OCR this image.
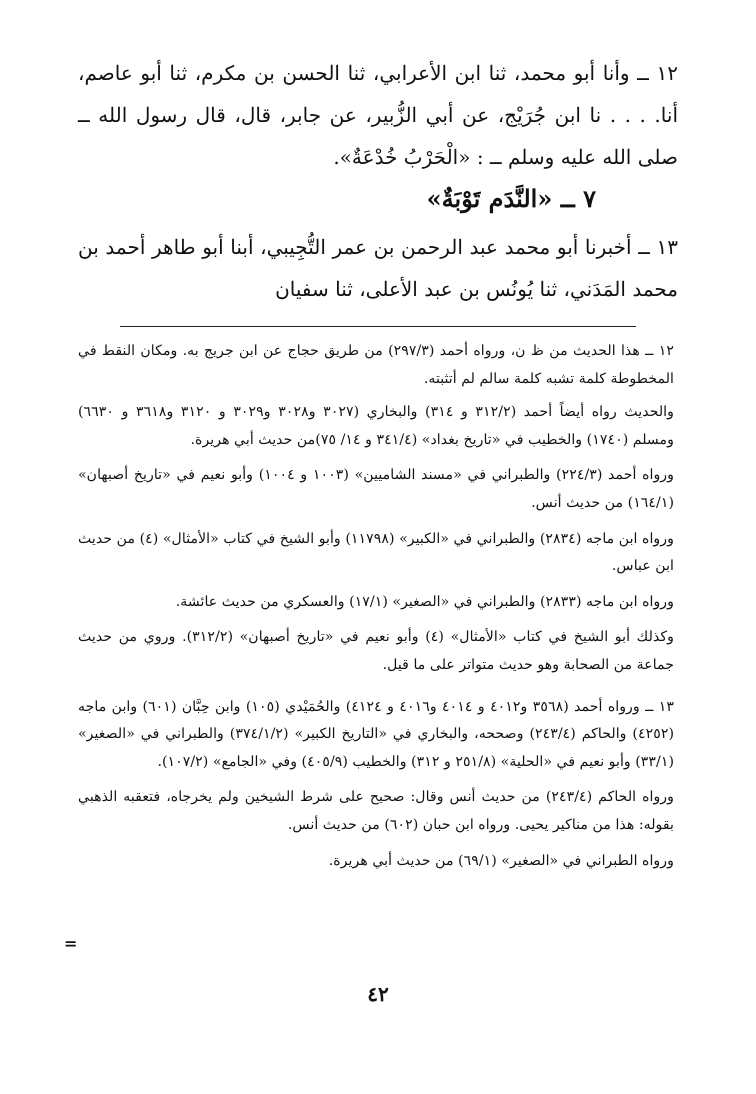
١٢ ــ وأنا أبو محمد، ثنا ابن الأعرابي، ثنا الحسن بن مكرم، ثنا أبو عاصم، أنا. . . . نا ابن جُرَيْج، عن أبي الزُّبير، عن جابر، قال، قال رسول الله ــ صلى الله عليه وسلم ــ : «الْحَرْبُ خُدْعَةٌ».

٧ ــ «النَّدَم تَوْبَةٌ»

١٣ ــ أخبرنا أبو محمد عبد الرحمن بن عمر التُّجِيبي، أبنا أبو طاهر أحمد بن محمد المَدَني، ثنا يُونُس بن عبد الأعلى، ثنا سفيان

١٢ ــ هذا الحديث من ظ ن، ورواه أحمد (٢٩٧/٣) من طريق حجاج عن ابن جريج به. ومكان النقط في المخطوطة كلمة تشبه كلمة سالم لم أتثبته.

والحديث رواه أيضاً أحمد (٣١٢/٢ و ٣١٤) والبخاري (٣٠٢٧ و٣٠٢٨ و٣٠٢٩ و ٣١٢٠ و٣٦١٨ و ٦٦٣٠) ومسلم (١٧٤٠) والخطيب في «تاريخ بغداد» (٣٤١/٤ و ١٤/ ٧٥)من حديث أبي هريرة.

ورواه أحمد (٢٢٤/٣) والطبراني في «مسند الشاميين» (١٠٠٣ و ١٠٠٤) وأبو نعيم في «تاريخ أصبهان» (١٦٤/١) من حديث أنس.

ورواه ابن ماجه (٢٨٣٤) والطبراني في «الكبير» (١١٧٩٨) وأبو الشيخ في كتاب «الأمثال» (٤) من حديث ابن عباس.

ورواه ابن ماجه (٢٨٣٣) والطبراني في «الصغير» (١٧/١) والعسكري من حديث عائشة.

وكذلك أبو الشيخ في كتاب «الأمثال» (٤) وأبو نعيم في «تاريخ أصبهان» (٣١٢/٢). وروي من حديث جماعة من الصحابة وهو حديث متواتر على ما قيل.

١٣ ــ ورواه أحمد (٣٥٦٨ و٤٠١٢ و ٤٠١٤ و٤٠١٦ و ٤١٢٤) والحُمَيْدي (١٠٥) وابن حِبَّان (٦٠١) وابن ماجه (٤٢٥٢) والحاكم (٢٤٣/٤) وصححه، والبخاري في «التاريخ الكبير» (٣٧٤/١/٢) والطبراني في «الصغير» (٣٣/١) وأبو نعيم في «الحلية» (٢٥١/٨ و ٣١٢) والخطيب (٤٠٥/٩) وفي «الجامع» (١٠٧/٢).

ورواه الحاكم (٢٤٣/٤) من حديث أنس وقال: صحيح على شرط الشيخين ولم يخرجاه، فتعقبه الذهبي بقوله: هذا من مناكير يحيى. ورواه ابن حبان (٦٠٢) من حديث أنس.

ورواه الطبراني في «الصغير» (٦٩/١) من حديث أبي هريرة.

=
٤٢
